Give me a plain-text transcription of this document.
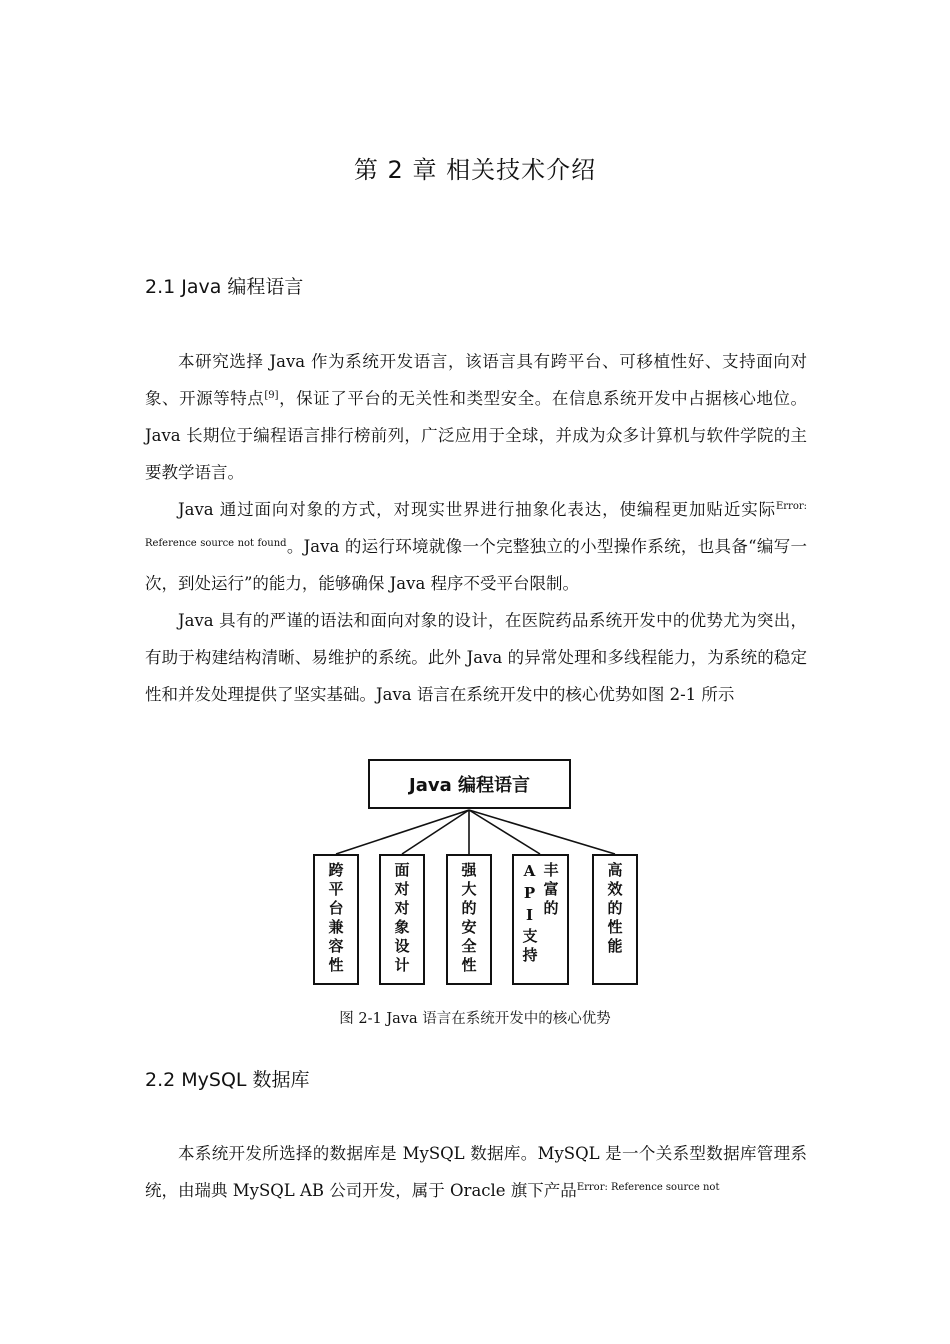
第 2 章 相关技术介绍
2.1 Java 编程语言

本研究选择 Java 作为系统开发语言，该语言具有跨平台、可移植性好、支持面向对象、开源等特点[9]，保证了平台的无关性和类型安全。在信息系统开发中占据核心地位。Java 长期位于编程语言排行榜前列，广泛应用于全球，并成为众多计算机与软件学院的主要教学语言。

Java 通过面向对象的方式，对现实世界进行抽象化表达，使编程更加贴近实际$^{Error: Reference source not found}$。Java 的运行环境就像一个完整独立的小型操作系统，也具备“编写一次，到处运行”的能力，能够确保 Java 程序不受平台限制。

Java 具有的严谨的语法和面向对象的设计，在医院药品系统开发中的优势尤为突出，有助于构建结构清晰、易维护的系统。此外 Java 的异常处理和多线程能力，为系统的稳定性和并发处理提供了坚实基础。Java 语言在系统开发中的核心优势如图 2-1 所示

Java 编程语言
跨平台兼容性	面对对象设计	强大的安全性	丰富的API支持	高效的性能
图 2-1 Java 语言在系统开发中的核心优势
2.2 MySQL 数据库

本系统开发所选择的数据库是 MySQL 数据库。MySQL 是一个关系型数据库管理系统，由瑞典 MySQL AB 公司开发，属于 Oracle 旗下产品$^{Error: Reference source not}$
